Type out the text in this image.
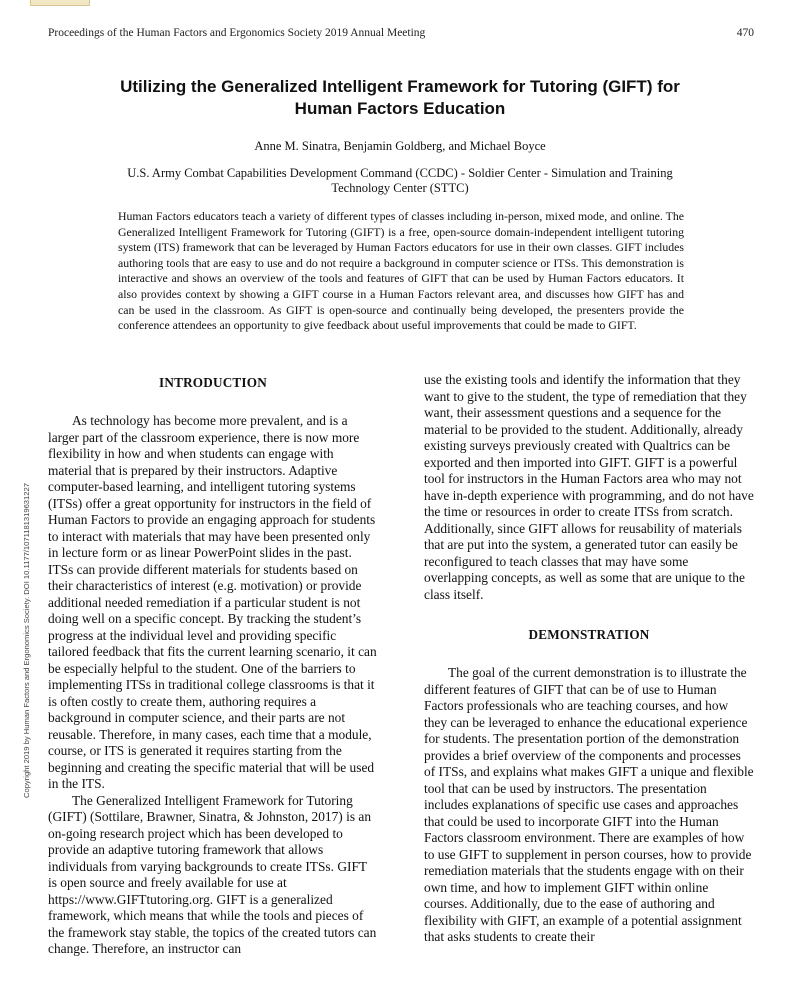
Proceedings of the Human Factors and Ergonomics Society 2019 Annual Meeting	470
Utilizing the Generalized Intelligent Framework for Tutoring (GIFT) for Human Factors Education
Anne M. Sinatra, Benjamin Goldberg, and Michael Boyce
U.S. Army Combat Capabilities Development Command (CCDC) - Soldier Center - Simulation and Training Technology Center (STTC)

Human Factors educators teach a variety of different types of classes including in-person, mixed mode, and online. The Generalized Intelligent Framework for Tutoring (GIFT) is a free, open-source domain-independent intelligent tutoring system (ITS) framework that can be leveraged by Human Factors educators for use in their own classes. GIFT includes authoring tools that are easy to use and do not require a background in computer science or ITSs. This demonstration is interactive and shows an overview of the tools and features of GIFT that can be used by Human Factors educators. It also provides context by showing a GIFT course in a Human Factors relevant area, and discusses how GIFT has and can be used in the classroom. As GIFT is open-source and continually being developed, the presenters provide the conference attendees an opportunity to give feedback about useful improvements that could be made to GIFT.

Copyright 2019 by Human Factors and Ergonomics Society. DOI 10.1177/1071181319631227
INTRODUCTION

As technology has become more prevalent, and is a larger part of the classroom experience, there is now more flexibility in how and when students can engage with material that is prepared by their instructors. Adaptive computer-based learning, and intelligent tutoring systems (ITSs) offer a great opportunity for instructors in the field of Human Factors to provide an engaging approach for students to interact with materials that may have been presented only in lecture form or as linear PowerPoint slides in the past. ITSs can provide different materials for students based on their characteristics of interest (e.g. motivation) or provide additional needed remediation if a particular student is not doing well on a specific concept. By tracking the student’s progress at the individual level and providing specific tailored feedback that fits the current learning scenario, it can be especially helpful to the student. One of the barriers to implementing ITSs in traditional college classrooms is that it is often costly to create them, authoring requires a background in computer science, and their parts are not reusable. Therefore, in many cases, each time that a module, course, or ITS is generated it requires starting from the beginning and creating the specific material that will be used in the ITS.

The Generalized Intelligent Framework for Tutoring (GIFT) (Sottilare, Brawner, Sinatra, & Johnston, 2017) is an on-going research project which has been developed to provide an adaptive tutoring framework that allows individuals from varying backgrounds to create ITSs. GIFT is open source and freely available for use at https://www.GIFTtutoring.org. GIFT is a generalized framework, which means that while the tools and pieces of the framework stay stable, the topics of the created tutors can change. Therefore, an instructor can

use the existing tools and identify the information that they want to give to the student, the type of remediation that they want, their assessment questions and a sequence for the material to be provided to the student. Additionally, already existing surveys previously created with Qualtrics can be exported and then imported into GIFT. GIFT is a powerful tool for instructors in the Human Factors area who may not have in-depth experience with programming, and do not have the time or resources in order to create ITSs from scratch. Additionally, since GIFT allows for reusability of materials that are put into the system, a generated tutor can easily be reconfigured to teach classes that may have some overlapping concepts, as well as some that are unique to the class itself.

DEMONSTRATION

The goal of the current demonstration is to illustrate the different features of GIFT that can be of use to Human Factors professionals who are teaching courses, and how they can be leveraged to enhance the educational experience for students. The presentation portion of the demonstration provides a brief overview of the components and processes of ITSs, and explains what makes GIFT a unique and flexible tool that can be used by instructors. The presentation includes explanations of specific use cases and approaches that could be used to incorporate GIFT into the Human Factors classroom environment. There are examples of how to use GIFT to supplement in person courses, how to provide remediation materials that the students engage with on their own time, and how to implement GIFT within online courses. Additionally, due to the ease of authoring and flexibility with GIFT, an example of a potential assignment that asks students to create their
